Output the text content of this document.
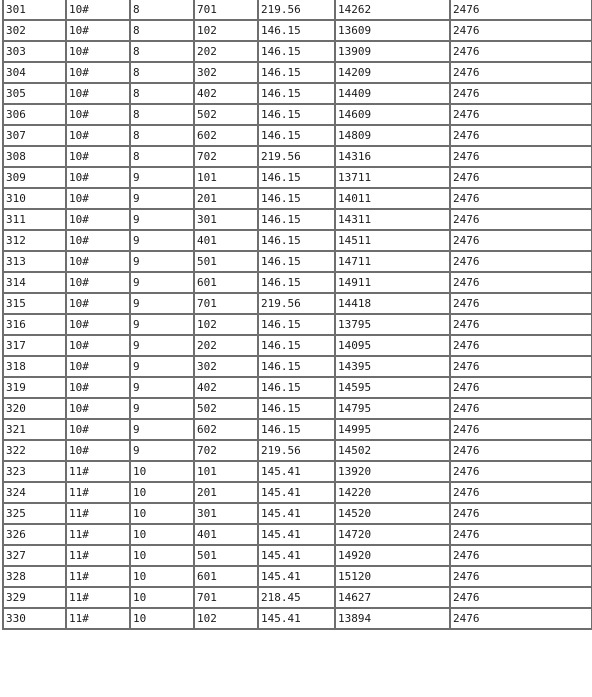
301	10#	8	701	219.56	14262	2476
302	10#	8	102	146.15	13609	2476
303	10#	8	202	146.15	13909	2476
304	10#	8	302	146.15	14209	2476
305	10#	8	402	146.15	14409	2476
306	10#	8	502	146.15	14609	2476
307	10#	8	602	146.15	14809	2476
308	10#	8	702	219.56	14316	2476
309	10#	9	101	146.15	13711	2476
310	10#	9	201	146.15	14011	2476
311	10#	9	301	146.15	14311	2476
312	10#	9	401	146.15	14511	2476
313	10#	9	501	146.15	14711	2476
314	10#	9	601	146.15	14911	2476
315	10#	9	701	219.56	14418	2476
316	10#	9	102	146.15	13795	2476
317	10#	9	202	146.15	14095	2476
318	10#	9	302	146.15	14395	2476
319	10#	9	402	146.15	14595	2476
320	10#	9	502	146.15	14795	2476
321	10#	9	602	146.15	14995	2476
322	10#	9	702	219.56	14502	2476
323	11#	10	101	145.41	13920	2476
324	11#	10	201	145.41	14220	2476
325	11#	10	301	145.41	14520	2476
326	11#	10	401	145.41	14720	2476
327	11#	10	501	145.41	14920	2476
328	11#	10	601	145.41	15120	2476
329	11#	10	701	218.45	14627	2476
330	11#	10	102	145.41	13894	2476
